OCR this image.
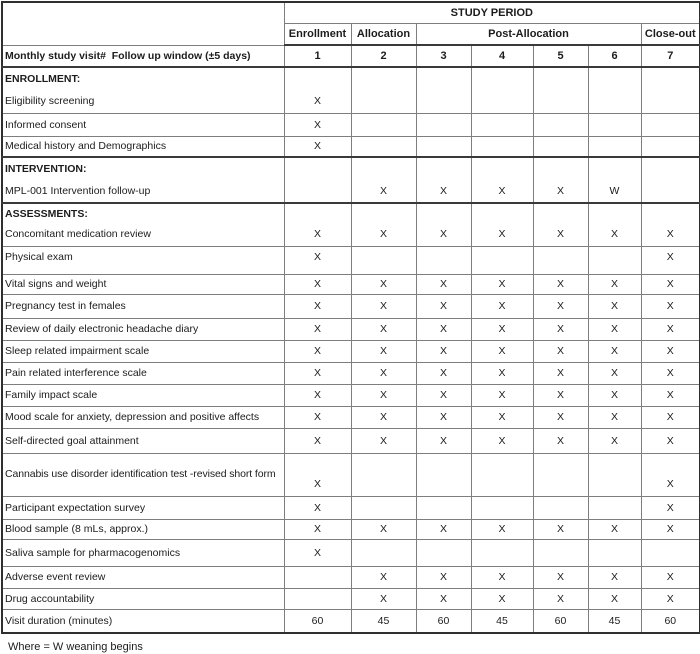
	STUDY PERIOD						
	Enrollment	Allocation	Post-Allocation				Close-out
Monthly study visit#  Follow up window (±5 days)	1	2	3	4	5	6	7
ENROLLMENT:							
Eligibility screening	X						
Informed consent	X						
Medical history and Demographics	X						
INTERVENTION:							
MPL-001 Intervention follow-up		X	X	X	X	W	
ASSESSMENTS:							
Concomitant medication review	X	X	X	X	X	X	X
Physical exam	X						X
Vital signs and weight	X	X	X	X	X	X	X
Pregnancy test in females	X	X	X	X	X	X	X
Review of daily electronic headache diary	X	X	X	X	X	X	X
Sleep related impairment scale	X	X	X	X	X	X	X
Pain related interference scale	X	X	X	X	X	X	X
Family impact scale	X	X	X	X	X	X	X
Mood scale for anxiety, depression and positive affects	X	X	X	X	X	X	X
Self-directed goal attainment	X	X	X	X	X	X	X
Cannabis use disorder identification test -revised short form	X						X
Participant expectation survey	X						X
Blood sample (8 mLs, approx.)	X	X	X	X	X	X	X
Saliva sample for pharmacogenomics	X						
Adverse event review		X	X	X	X	X	X
Drug accountability		X	X	X	X	X	X
Visit duration (minutes)	60	45	60	45	60	45	60
Where = W weaning begins
